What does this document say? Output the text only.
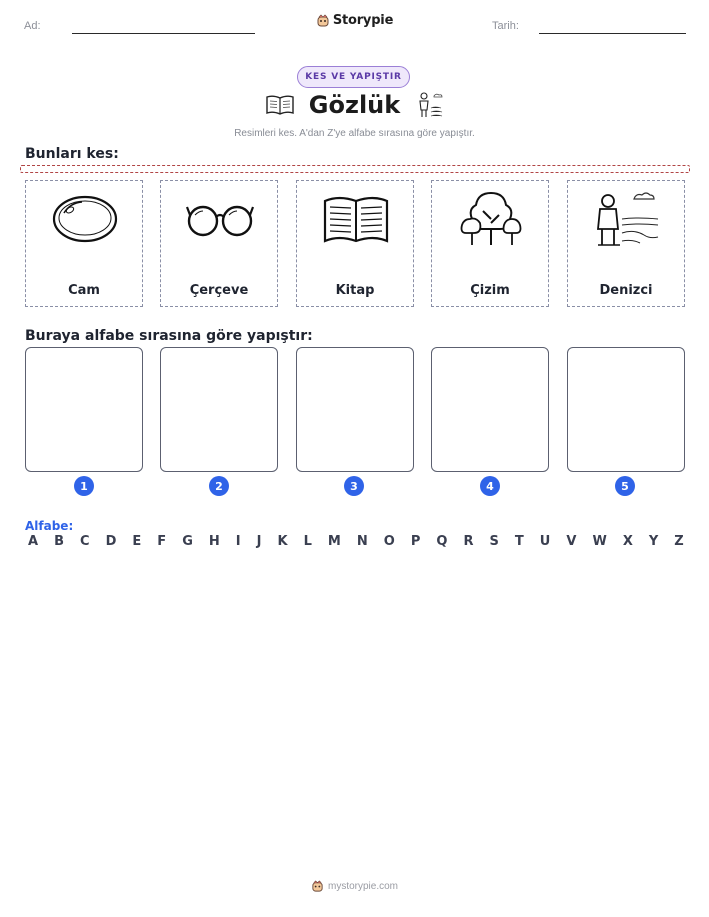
Ad:	Storypie	Tarih:
KES VE YAPIŞTIR
Gözlük
Resimleri kes. A'dan Z'ye alfabe sırasına göre yapıştır.
Bunları kes:
Cam	Çerçeve	Kitap	Çizim	Denizci
Buraya alfabe sırasına göre yapıştır:
1	2	3	4	5
Alfabe:
A B C D E F G H I J K L M N O P Q R S T U V W X Y Z
mystorypie.com
